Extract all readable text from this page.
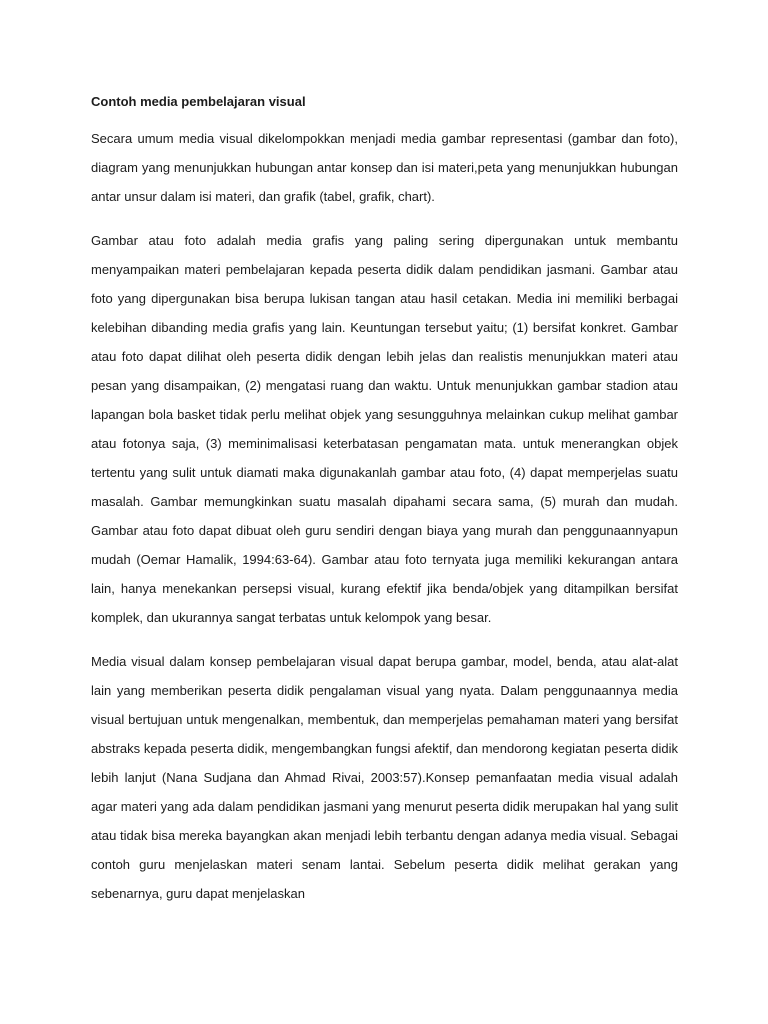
Contoh media pembelajaran visual

Secara umum media visual dikelompokkan menjadi media gambar representasi (gambar dan foto), diagram yang menunjukkan hubungan antar konsep dan isi materi,peta yang menunjukkan hubungan antar unsur dalam isi materi, dan grafik (tabel, grafik, chart).

Gambar atau foto adalah media grafis yang paling sering dipergunakan untuk membantu menyampaikan materi pembelajaran kepada peserta didik dalam pendidikan jasmani. Gambar atau foto yang dipergunakan bisa berupa lukisan tangan atau hasil cetakan. Media ini memiliki berbagai kelebihan dibanding media grafis yang lain. Keuntungan tersebut yaitu; (1) bersifat konkret. Gambar atau foto dapat dilihat oleh peserta didik dengan lebih jelas dan realistis menunjukkan materi atau pesan yang disampaikan, (2) mengatasi ruang dan waktu. Untuk menunjukkan gambar stadion atau lapangan bola basket tidak perlu melihat objek yang sesungguhnya melainkan cukup melihat gambar atau fotonya saja, (3) meminimalisasi keterbatasan pengamatan mata. untuk menerangkan objek tertentu yang sulit untuk diamati maka digunakanlah gambar atau foto, (4) dapat memperjelas suatu masalah. Gambar memungkinkan suatu masalah dipahami secara sama, (5) murah dan mudah. Gambar atau foto dapat dibuat oleh guru sendiri dengan biaya yang murah dan penggunaannyapun mudah (Oemar Hamalik, 1994:63-64). Gambar atau foto ternyata juga memiliki kekurangan antara lain, hanya menekankan persepsi visual, kurang efektif jika benda/objek yang ditampilkan bersifat komplek, dan ukurannya sangat terbatas untuk kelompok yang besar.

Media visual dalam konsep pembelajaran visual dapat berupa gambar, model, benda, atau alat-alat lain yang memberikan peserta didik pengalaman visual yang nyata. Dalam penggunaannya media visual bertujuan untuk mengenalkan, membentuk, dan memperjelas pemahaman materi yang bersifat abstraks kepada peserta didik, mengembangkan fungsi afektif, dan mendorong kegiatan peserta didik lebih lanjut (Nana Sudjana dan Ahmad Rivai, 2003:57).Konsep pemanfaatan media visual adalah agar materi yang ada dalam pendidikan jasmani yang menurut peserta didik merupakan hal yang sulit atau tidak bisa mereka bayangkan akan menjadi lebih terbantu dengan adanya media visual. Sebagai contoh guru menjelaskan materi senam lantai. Sebelum peserta didik melihat gerakan yang sebenarnya, guru dapat menjelaskan
